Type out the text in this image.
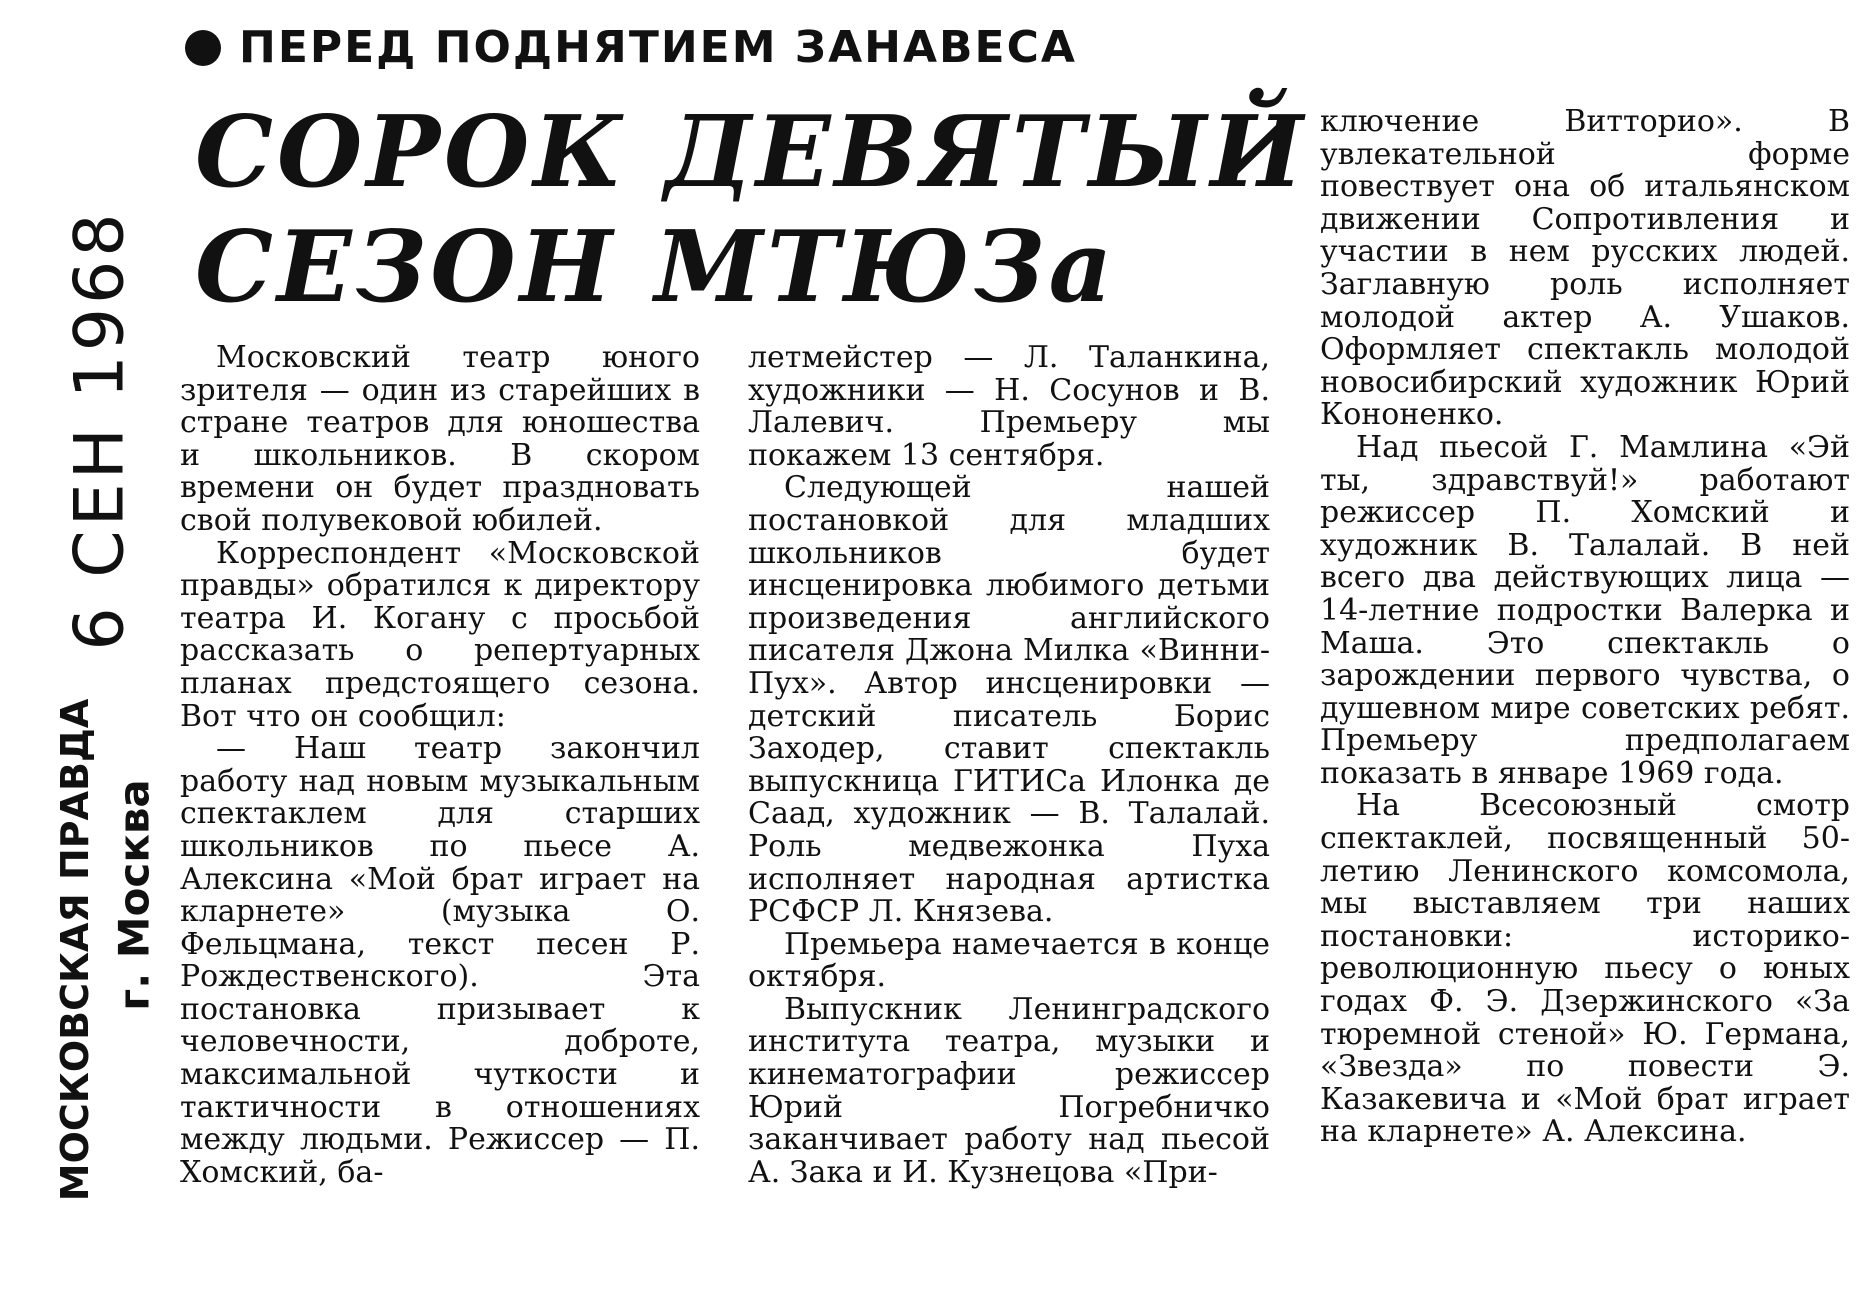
6 СЕН 1968
МОСКОВСКАЯ ПРАВДА г. Москва
ПЕРЕД ПОДНЯТИЕМ ЗАНАВЕСА
СОРОК ДЕВЯТЫЙ
СЕЗОН МТЮЗа

Московский театр юного зрителя — один из старейших в стране театров для юношества и школьников. В скором времени он будет праздновать свой полувековой юбилей.

Корреспондент «Московской правды» обратился к директору театра И. Когану с просьбой рассказать о репертуарных планах предстоящего сезона. Вот что он сообщил:

— Наш театр закончил работу над новым музыкальным спектаклем для старших школьников по пьесе А. Алексина «Мой брат играет на кларнете» (музыка О. Фельцмана, текст песен Р. Рождественского). Эта постановка призывает к человечности, доброте, максимальной чуткости и тактичности в отношениях между людьми. Режиссер — П. Хомский, ба-

летмейстер — Л. Таланкина, художники — Н. Сосунов и В. Лалевич. Премьеру мы покажем 13 сентября.

Следующей нашей постановкой для младших школьников будет инсценировка любимого детьми произведения английского писателя Джона Милка «Винни-Пух». Автор инсценировки — детский писатель Борис Заходер, ставит спектакль выпускница ГИТИСа Илонка де Саад, художник — В. Талалай. Роль медвежонка Пуха исполняет народная артистка РСФСР Л. Князева.

Премьера намечается в конце октября.

Выпускник Ленинградского института театра, музыки и кинематографии режиссер Юрий Погребничко заканчивает работу над пьесой А. Зака и И. Кузнецова «При-

ключение Витторио». В увлекательной форме повествует она об итальянском движении Сопротивления и участии в нем русских людей. Заглавную роль исполняет молодой актер А. Ушаков. Оформляет спектакль молодой новосибирский художник Юрий Кононенко.

Над пьесой Г. Мамлина «Эй ты, здравствуй!» работают режиссер П. Хомский и художник В. Талалай. В ней всего два действующих лица — 14-летние подростки Валерка и Маша. Это спектакль о зарождении первого чувства, о душевном мире советских ребят. Премьеру предполагаем показать в январе 1969 года.

На Всесоюзный смотр спектаклей, посвященный 50-летию Ленинского комсомола, мы выставляем три наших постановки: историко-революционную пьесу о юных годах Ф. Э. Дзержинского «За тюремной стеной» Ю. Германа, «Звезда» по повести Э. Казакевича и «Мой брат играет на кларнете» А. Алексина.
